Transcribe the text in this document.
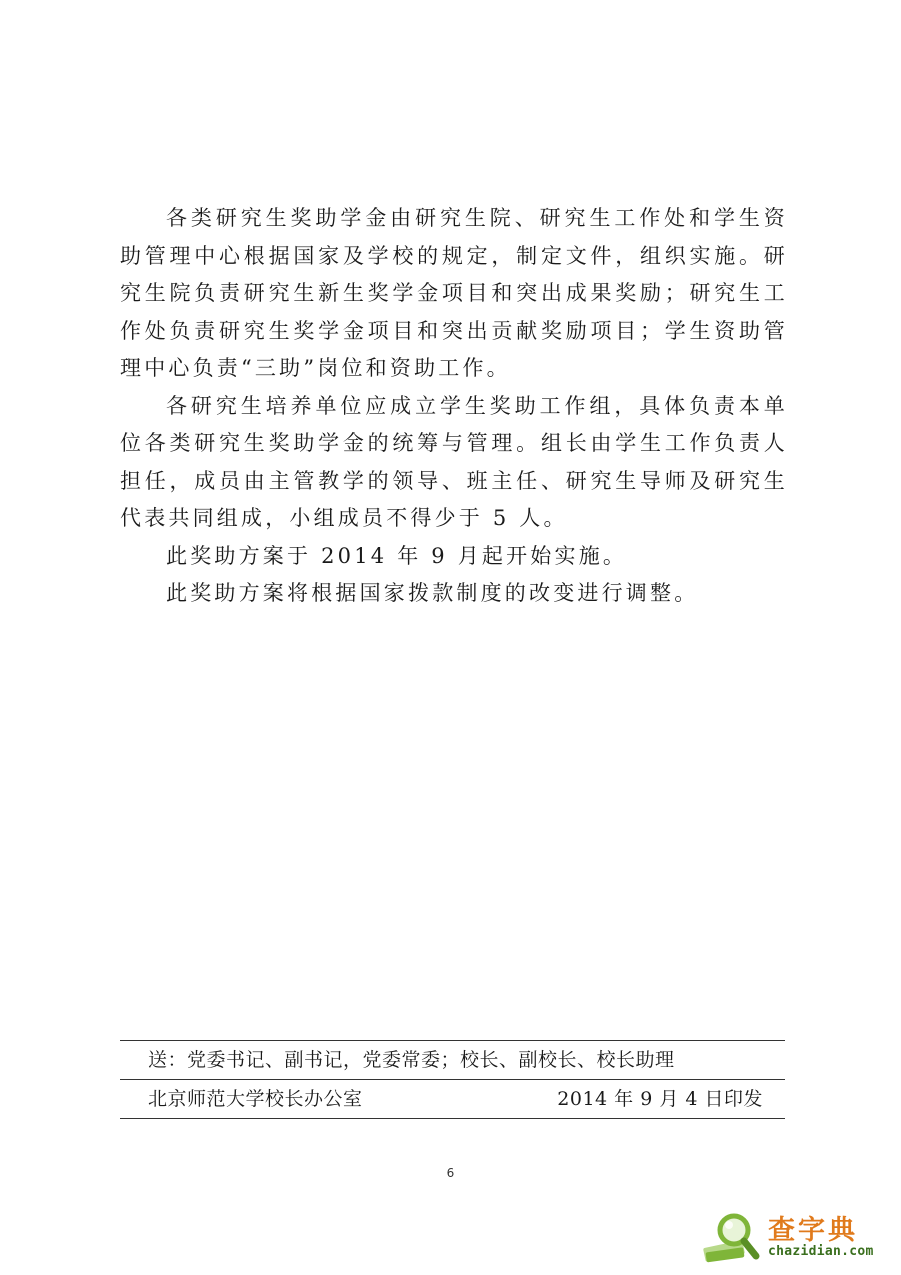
各类研究生奖助学金由研究生院、研究生工作处和学生资助管理中心根据国家及学校的规定，制定文件，组织实施。研究生院负责研究生新生奖学金项目和突出成果奖励；研究生工作处负责研究生奖学金项目和突出贡献奖励项目；学生资助管理中心负责“三助”岗位和资助工作。

各研究生培养单位应成立学生奖助工作组，具体负责本单位各类研究生奖助学金的统筹与管理。组长由学生工作负责人担任，成员由主管教学的领导、班主任、研究生导师及研究生代表共同组成，小组成员不得少于 5 人。

此奖助方案于 2014 年 9 月起开始实施。

此奖助方案将根据国家拨款制度的改变进行调整。

送：党委书记、副书记，党委常委；校长、副校长、校长助理
北京师范大学校长办公室	2014 年 9 月 4 日印发
6
查字典
chazidian.com
